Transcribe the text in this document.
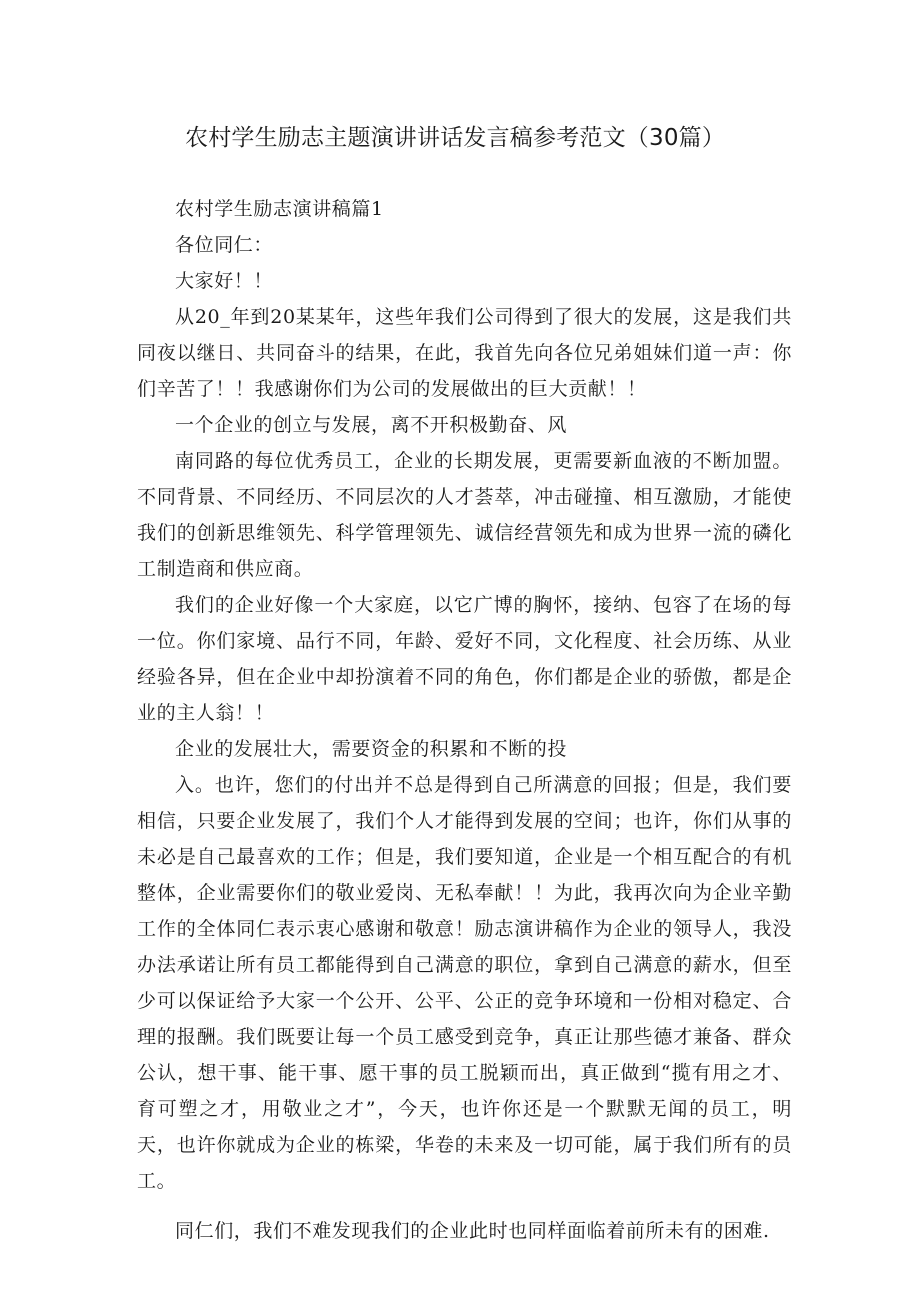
农村学生励志主题演讲讲话发言稿参考范文（30篇）

农村学生励志演讲稿篇1

各位同仁：

大家好！！

从20_年到20某某年，这些年我们公司得到了很大的发展，这是我们共同夜以继日、共同奋斗的结果，在此，我首先向各位兄弟姐妹们道一声：你们辛苦了！！我感谢你们为公司的发展做出的巨大贡献！！

一个企业的创立与发展，离不开积极勤奋、风

南同路的每位优秀员工，企业的长期发展，更需要新血液的不断加盟。不同背景、不同经历、不同层次的人才荟萃，冲击碰撞、相互激励，才能使我们的创新思维领先、科学管理领先、诚信经营领先和成为世界一流的磷化工制造商和供应商。

我们的企业好像一个大家庭，以它广博的胸怀，接纳、包容了在场的每一位。你们家境、品行不同，年龄、爱好不同，文化程度、社会历练、从业经验各异，但在企业中却扮演着不同的角色，你们都是企业的骄傲，都是企业的主人翁！！

企业的发展壮大，需要资金的积累和不断的投

入。也许，您们的付出并不总是得到自己所满意的回报；但是，我们要相信，只要企业发展了，我们个人才能得到发展的空间；也许，你们从事的未必是自己最喜欢的工作；但是，我们要知道，企业是一个相互配合的有机整体，企业需要你们的敬业爱岗、无私奉献！！为此，我再次向为企业辛勤工作的全体同仁表示衷心感谢和敬意！励志演讲稿作为企业的领导人，我没办法承诺让所有员工都能得到自己满意的职位，拿到自己满意的薪水，但至少可以保证给予大家一个公开、公平、公正的竞争环境和一份相对稳定、合理的报酬。我们既要让每一个员工感受到竞争，真正让那些德才兼备、群众公认，想干事、能干事、愿干事的员工脱颖而出，真正做到“揽有用之才、育可塑之才，用敬业之才”，今天，也许你还是一个默默无闻的员工，明天，也许你就成为企业的栋梁，华卷的未来及一切可能，属于我们所有的员工。

同仁们，我们不难发现我们的企业此时也同样面临着前所未有的困难.
